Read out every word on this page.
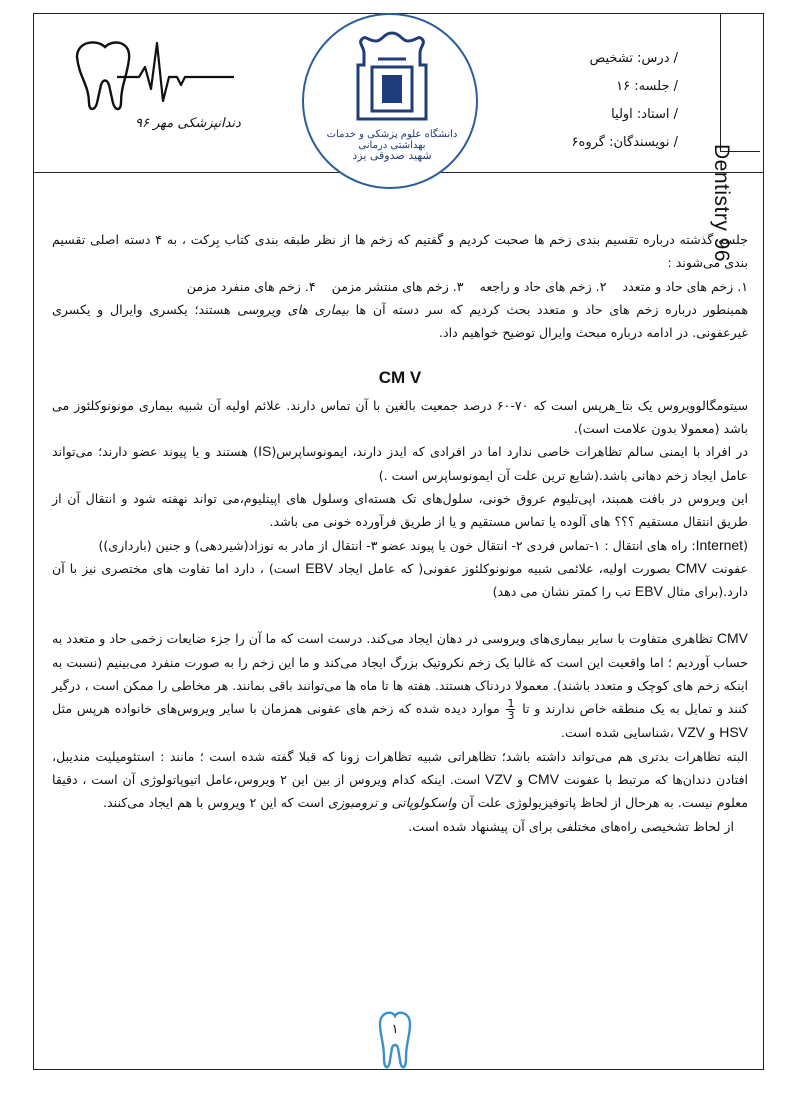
دندانپزشکی مهر ۹۶
/ درس: تشخیص
/ جلسه: ۱۶
/ استاد: اولیا
/ نویسندگان: گروه۶
Dentistry 96
دانشگاه علوم پزشکی و خدمات بهداشتی درمانی
شهید صدوقی یزد

جلسه گذشته درباره تقسیم بندی زخم ها صحبت کردیم و گفتیم که زخم ها از نظر طبقه بندی کتاب بِرکت ، به ۴ دسته اصلی تقسیم بندی می‌شوند :

۱. زخم های حاد و متعدد    ۲. زخم های حاد و راجعه    ۳. زخم های منتشر مزمن    ۴. زخم های منفرد مزمن

همینطور درباره زخم های حاد و متعدد بحث کردیم که سر دسته آن ها بیماری های ویروسی هستند؛ یکسری وایرال و یکسری غیرعفونی. در ادامه درباره مبحث وایرال توضیح خواهیم داد.

CM V

سیتومگالوویروس یک بتا_هرپس است که ۷۰-۶۰ درصد جمعیت بالغین با آن تماس دارند. علائم اولیه آن شبیه بیماری مونونوکلئوز می باشد (معمولا بدون علامت است).

در افراد با ایمنی سالم تظاهرات خاصی ندارد اما در افرادی که ایدز دارند، ایمونوساپرس(IS) هستند و یا پیوند عضو دارند؛ می‌تواند عامل ایجاد زخم دهانی باشد.(شایع ترین علت آن ایمونوساپرس است .)

این ویروس در بافت همبند، اپی‌تلیوم عروق خونی، سلول‌های تک هسته‌ای وسلول های اپیتلیوم،می تواند نهفته شود و انتقال آن از طریق انتقال مستقیم ؟؟؟ های آلوده یا تماس مستقیم و یا از طریق فرآورده خونی می باشد.

(Internet: راه های انتقال : ۱-تماس فردی ۲- انتقال خون یا پیوند عضو ۳- انتقال از مادر به نوزاد(شیردهی) و جنین (بارداری))

عفونت CMV بصورت اولیه، علائمی شبیه مونونوکلئوز عفونی( که عامل ایجاد EBV است) ، دارد اما تفاوت های مختصری نیز با آن دارد.(برای مثال EBV تب را کمتر نشان می دهد)

CMV تظاهری متفاوت با سایر بیماری‌های ویروسی در دهان ایجاد می‌کند. درست است که ما آن را جزء ضایعات زخمی حاد و متعدد به حساب آوردیم ؛ اما واقعیت این است که غالبا یک زخم نکروتیک بزرگ ایجاد می‌کند و ما این زخم را به صورت منفرد می‌بینیم (نسبت به اینکه زخم های کوچک و متعدد باشند). معمولا دردناک هستند. هفته ها تا ماه ها می‌توانند باقی بمانند. هر مخاطی را ممکن است ، درگیر کنند و تمایل به یک منطقه خاص ندارند و تا
$\frac{1}{3}$
موارد دیده شده که زخم های عفونی همزمان با سایر ویروس‌های خانواده هرپس مثل HSV و VZV ،شناسایی شده است.

البته تظاهرات بدتری هم می‌تواند داشته باشد؛ تظاهراتی شبیه تظاهرات زونا که قبلا گفته شده است ؛ مانند : استئومیلیت مندیبل، افتادن دندان‌ها که مرتبط با عفونت CMV و VZV است. اینکه کدام ویروس از بین این ۲ ویروس،عامل اتیوپاتولوژی آن است ، دقیقا معلوم نیست. به هرحال از لحاظ پاتوفیزیولوژی علت آن واسکولوپاتی و ترومبوزی است که این ۲ ویروس با هم ایجاد می‌کنند.

از لحاظ تشخیصی راه‌های مختلفی برای آن پیشنهاد شده است.

۱
